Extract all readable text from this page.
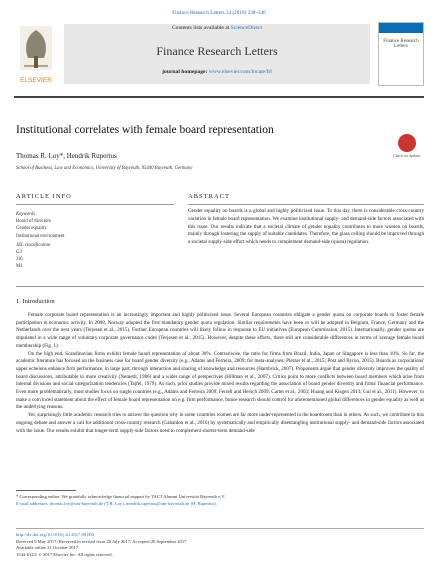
Finance Research Letters 24 (2018) 238–246
ELSEVIER
Contents lists available at ScienceDirect
Finance Research Letters
journal homepage: www.elsevier.com/locate/frl
Finance Research Letters
Institutional correlates with female board representation
Thomas R. Loy*, Hendrik Rupertus
School of Business, Law and Economics, University of Bayreuth, 95440 Bayreuth, Germany
Check for updates
ARTICLE INFO	ABSTRACT
Keywords
Board of directors
Gender equality
Institutional environment
JEL classification
G3
J16
M1
Gender equality on boards is a global and highly politicized issue. To this day, there is considerable cross-country variation in female board representation. We examine institutional supply- and demand-side factors associated with this issue. Our results indicate that a societal climate of gender equality contributes to more women on boards, mainly through fostering the supply of suitable candidates. Therefore, the glass ceiling should be improved through a societal supply-side effort which needs to complement demand-side (quota) regulation.
1. Introduction

Female corporate board representation is an increasingly important and highly politicized issue. Several European countries obligate a gender quota on corporate boards to foster female participation in economic activity. In 2008, Norway adopted the first mandatory gender quota regulation. Similar requirements have been or will be adopted in Belgium, France, Germany and the Netherlands over the next years (Terjesen et al., 2015). Further European countries will likely follow in response to EU initiatives (European Commission, 2015). Internationally, gender quotas are stipulated in a wide range of voluntary corporate governance codes (Terjesen et al., 2015). However, despite these efforts, there still are considerable differences in terms of average female board membership (Fig. 1).

On the high end, Scandinavian firms exhibit female board representation of about 30%. Contrariwise, the ratio for firms from Brazil, India, Japan or Singapore is less than 10%. So far, the academic literature has focused on the business case for board gender diversity (e.g., Adams and Ferreira, 2009; for meta-analyses: Pletzer et al., 2015; Post and Byron, 2015). Boards as corporations' upper echelons enhance firm performance, in large part, through interaction and sharing of knowledge and resources (Hambrick, 2007). Proponents argue that gender diversity improves the quality of board discussions, attributable to more creativity (Nemeth, 1986) and a wider range of perspectives (Hillman et al., 2007). Critics point to more conflicts between board members which arise from internal divisions and social categorization tendencies (Tajfel, 1979). As such, prior studies provide mixed results regarding the association of board gender diversity and firms' financial performance. Even more problematically, most studies focus on single countries (e.g., Adams and Ferreira 2009; Ferrell and Hersch 2009; Carter et al., 2003; Huang and Kisgen 2013; Gul et al., 2011). However, to make a convinced statement about the effect of female board representation on e.g. firm performance, future research should control for aforementioned global differences in gender equality as well as the underlying reasons.

Yet, surprisingly little academic research tries to answer the question why in some countries women are far more under-represented in the boardroom than in others. As such, we contribute to this ongoing debate and answer a call for additional cross-country research (Gabaldon et al., 2016) by systematically and empirically disentangling institutional supply- and demand-side factors associated with the issue. Our results exhibit that longer-term supply-side factors need to complement shorter-term demand-side

* Corresponding author. We gratefully acknowledge financial support by TACT Alumni Universität Bayreuth e.V..
E-mail addresses: thomas.loy@uni-bayreuth.de (T.R. Loy), hendrik.rupertus@uni-bayreuth.de (H. Rupertus).
http://dx.doi.org/10.1016/j.frl.2017.09.003
Received 9 May 2017; Received in revised form 28 July 2017; Accepted 20 September 2017
Available online 21 October 2017
1544-6123/ © 2017 Elsevier Inc. All rights reserved.
